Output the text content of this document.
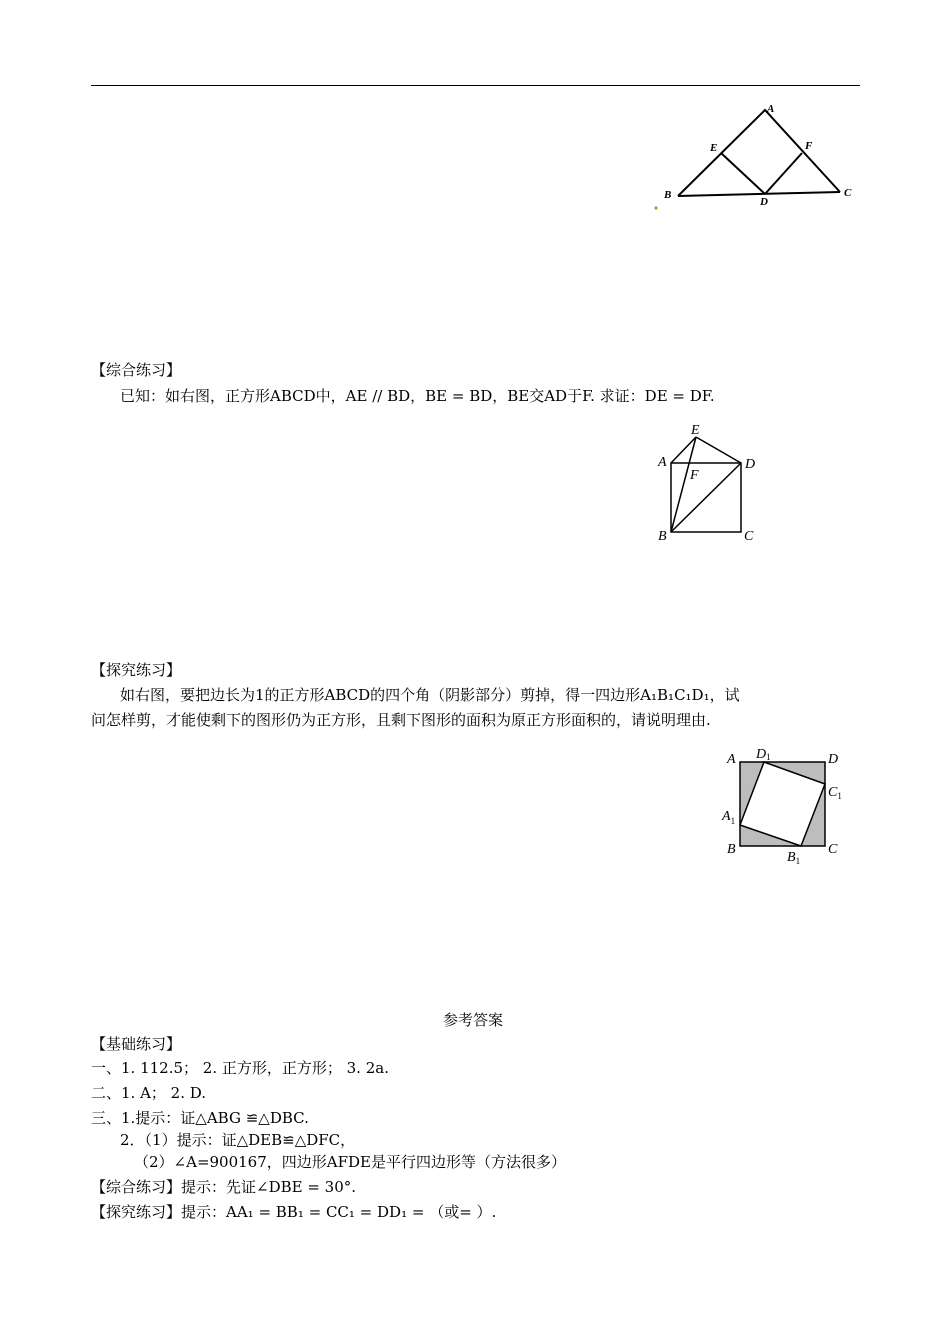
A
E	F
B
D
C
【综合练习】
已知：如右图，正方形ABCD中，AE // BD，BE = BD，BE交AD于F. 求证：DE = DF.
E
A	D
F
B	C
【探究练习】
如右图，要把边长为1的正方形ABCD的四个角（阴影部分）剪掉，得一四边形A₁B₁C₁D₁，试
问怎样剪，才能使剩下的图形仍为正方形，且剩下图形的面积为原正方形面积的，请说明理由.
A D1	D
$C_1$
$A_1$
B
$B_1$
C
参考答案
【基础练习】
一、1. 112.5； 2. 正方形，正方形； 3. 2a.
二、1. A； 2. D.
三、1.提示：证△ABG ≌△DBC.
2．（1）提示：证△DEB≌△DFC，
（2）∠A=900167，四边形AFDE是平行四边形等（方法很多）
【综合练习】提示：先证∠DBE = 30°.
【探究练习】提示：AA₁ = BB₁ = CC₁ = DD₁ = （或= ）.
